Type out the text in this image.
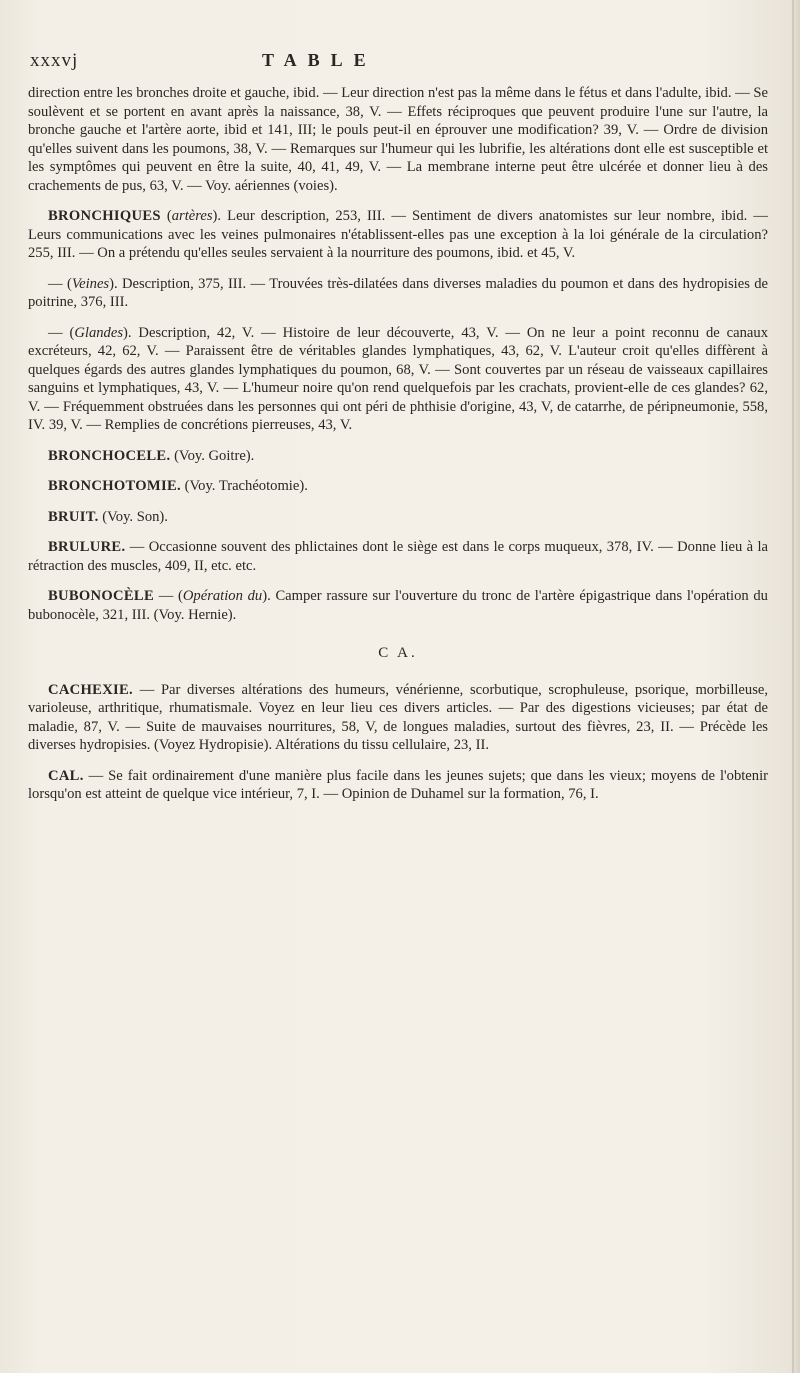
xxxvj	TABLE

direction entre les bronches droite et gauche, ibid. — Leur direction n'est pas la même dans le fétus et dans l'adulte, ibid. — Se soulèvent et se portent en avant après la naissance, 38, V. — Effets réciproques que peuvent produire l'une sur l'autre, la bronche gauche et l'artère aorte, ibid et 141, III; le pouls peut-il en éprouver une modification? 39, V. — Ordre de division qu'elles suivent dans les poumons, 38, V. — Remarques sur l'humeur qui les lubrifie, les altérations dont elle est susceptible et les symptômes qui peuvent en être la suite, 40, 41, 49, V. — La membrane interne peut être ulcérée et donner lieu à des crachements de pus, 63, V. — Voy. aériennes (voies).

BRONCHIQUES (artères). Leur description, 253, III. — Sentiment de divers anatomistes sur leur nombre, ibid. — Leurs communications avec les veines pulmonaires n'établissent-elles pas une exception à la loi générale de la circulation? 255, III. — On a prétendu qu'elles seules servaient à la nourriture des poumons, ibid. et 45, V.

— (Veines). Description, 375, III. — Trouvées très-dilatées dans diverses maladies du poumon et dans des hydropisies de poitrine, 376, III.

— (Glandes). Description, 42, V. — Histoire de leur découverte, 43, V. — On ne leur a point reconnu de canaux excréteurs, 42, 62, V. — Paraissent être de véritables glandes lymphatiques, 43, 62, V. L'auteur croit qu'elles diffèrent à quelques égards des autres glandes lymphatiques du poumon, 68, V. — Sont couvertes par un réseau de vaisseaux capillaires sanguins et lymphatiques, 43, V. — L'humeur noire qu'on rend quelquefois par les crachats, provient-elle de ces glandes? 62, V. — Fréquemment obstruées dans les personnes qui ont péri de phthisie d'origine, 43, V, de catarrhe, de péripneumonie, 558, IV. 39, V. — Remplies de concrétions pierreuses, 43, V.

BRONCHOCELE. (Voy. Goitre).

BRONCHOTOMIE. (Voy. Trachéotomie).

BRUIT. (Voy. Son).

BRULURE. — Occasionne souvent des phlictaines dont le siège est dans le corps muqueux, 378, IV. — Donne lieu à la rétraction des muscles, 409, II, etc. etc.

BUBONOCÈLE — (Opération du). Camper rassure sur l'ouverture du tronc de l'artère épigastrique dans l'opération du bubonocèle, 321, III. (Voy. Hernie).

C A.

CACHEXIE. — Par diverses altérations des humeurs, vénérienne, scorbutique, scrophuleuse, psorique, morbilleuse, varioleuse, arthritique, rhumatismale. Voyez en leur lieu ces divers articles. — Par des digestions vicieuses; par état de maladie, 87, V. — Suite de mauvaises nourritures, 58, V, de longues maladies, surtout des fièvres, 23, II. — Précède les diverses hydropisies. (Voyez Hydropisie). Altérations du tissu cellulaire, 23, II.

CAL. — Se fait ordinairement d'une manière plus facile dans les jeunes sujets; que dans les vieux; moyens de l'obtenir lorsqu'on est atteint de quelque vice intérieur, 7, I. — Opinion de Duhamel sur la formation, 76, I.
